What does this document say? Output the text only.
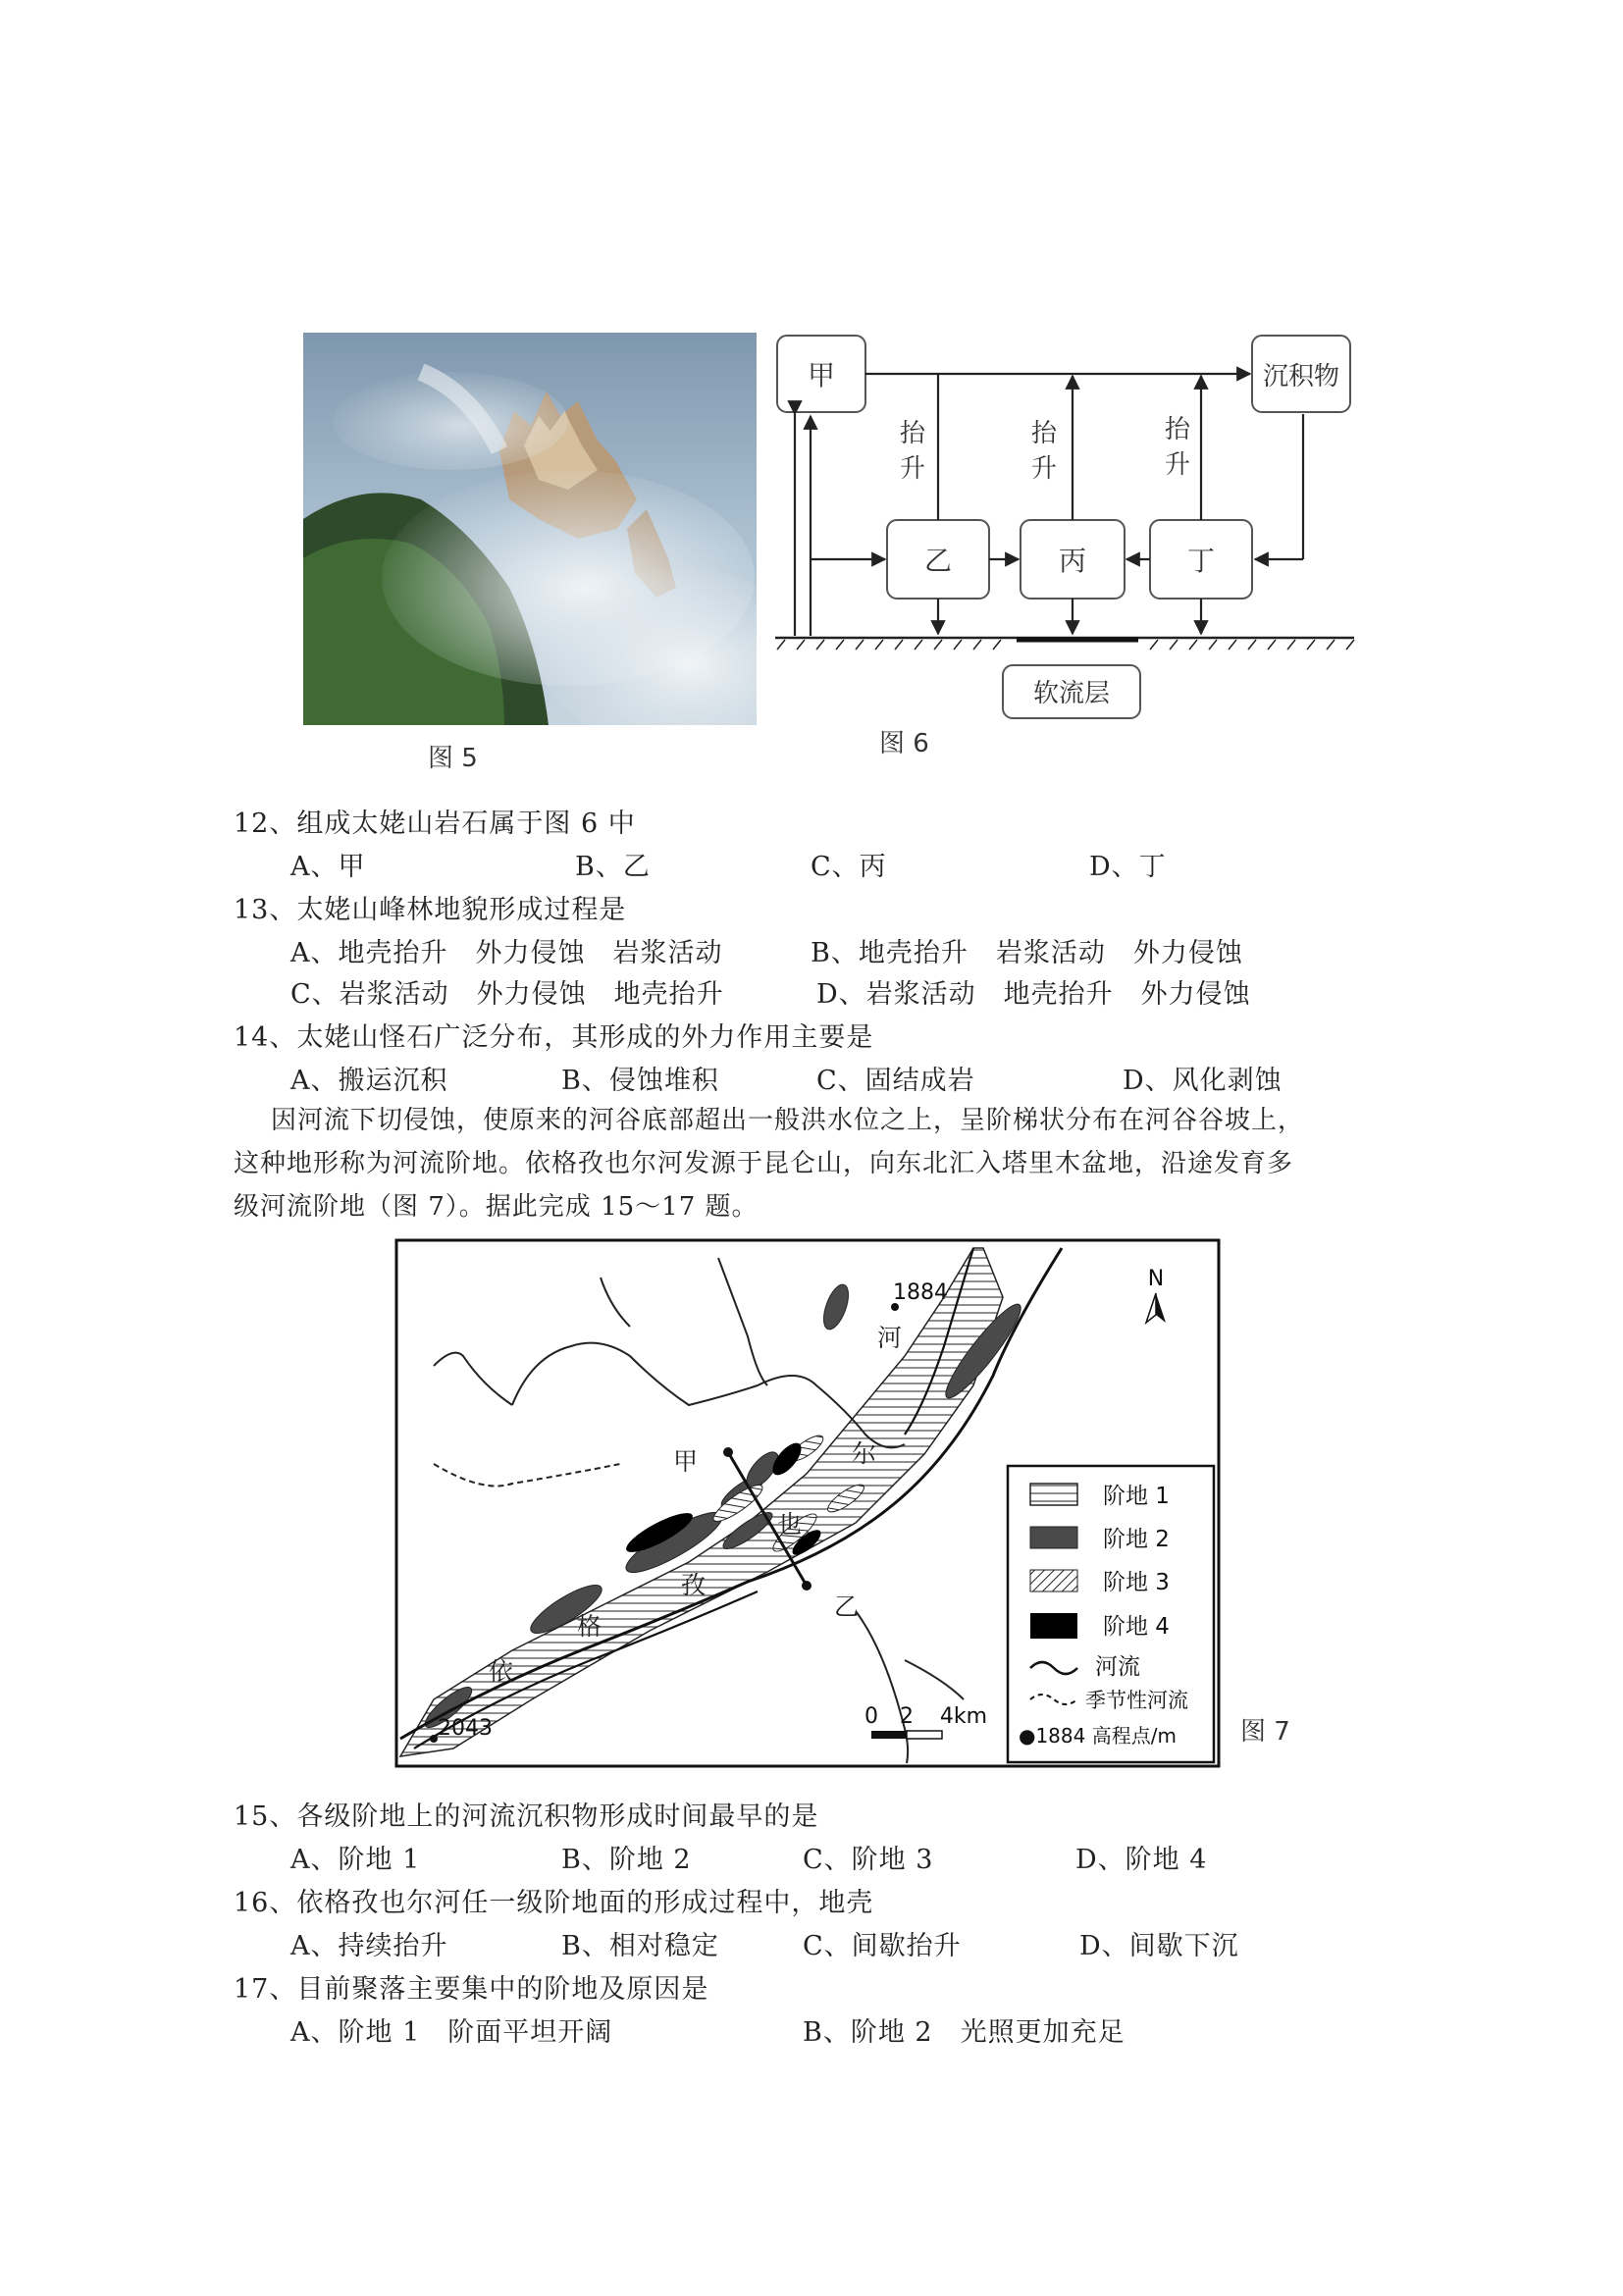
图 5
甲	沉积物
乙	丙	丁
软流层
抬
升
抬
升
抬
升
图 6
12、组成太姥山岩石属于图 6 中
A、甲	B、乙	C、丙	D、丁
13、太姥山峰林地貌形成过程是
A、地壳抬升　外力侵蚀　岩浆活动	B、地壳抬升　岩浆活动　外力侵蚀
C、岩浆活动　外力侵蚀　地壳抬升	D、岩浆活动　地壳抬升　外力侵蚀
14、太姥山怪石广泛分布，其形成的外力作用主要是
A、搬运沉积	B、侵蚀堆积	C、固结成岩	D、风化剥蚀
因河流下切侵蚀，使原来的河谷底部超出一般洪水位之上，呈阶梯状分布在河谷谷坡上，
这种地形称为河流阶地。依格孜也尔河发源于昆仑山，向东北汇入塔里木盆地，沿途发育多
级河流阶地（图 7）。据此完成 15～17 题。
1884
2043
依
格
孜
也
尔
河
甲
乙
N
0 2 4km
阶地 1
阶地 2
阶地 3
阶地 4
河流
季节性河流
●1884 高程点/m	图 7
15、各级阶地上的河流沉积物形成时间最早的是
A、阶地 1	B、阶地 2	C、阶地 3	D、阶地 4
16、依格孜也尔河任一级阶地面的形成过程中，地壳
A、持续抬升	B、相对稳定	C、间歇抬升	D、间歇下沉
17、目前聚落主要集中的阶地及原因是
A、阶地 1　阶面平坦开阔	B、阶地 2　光照更加充足
